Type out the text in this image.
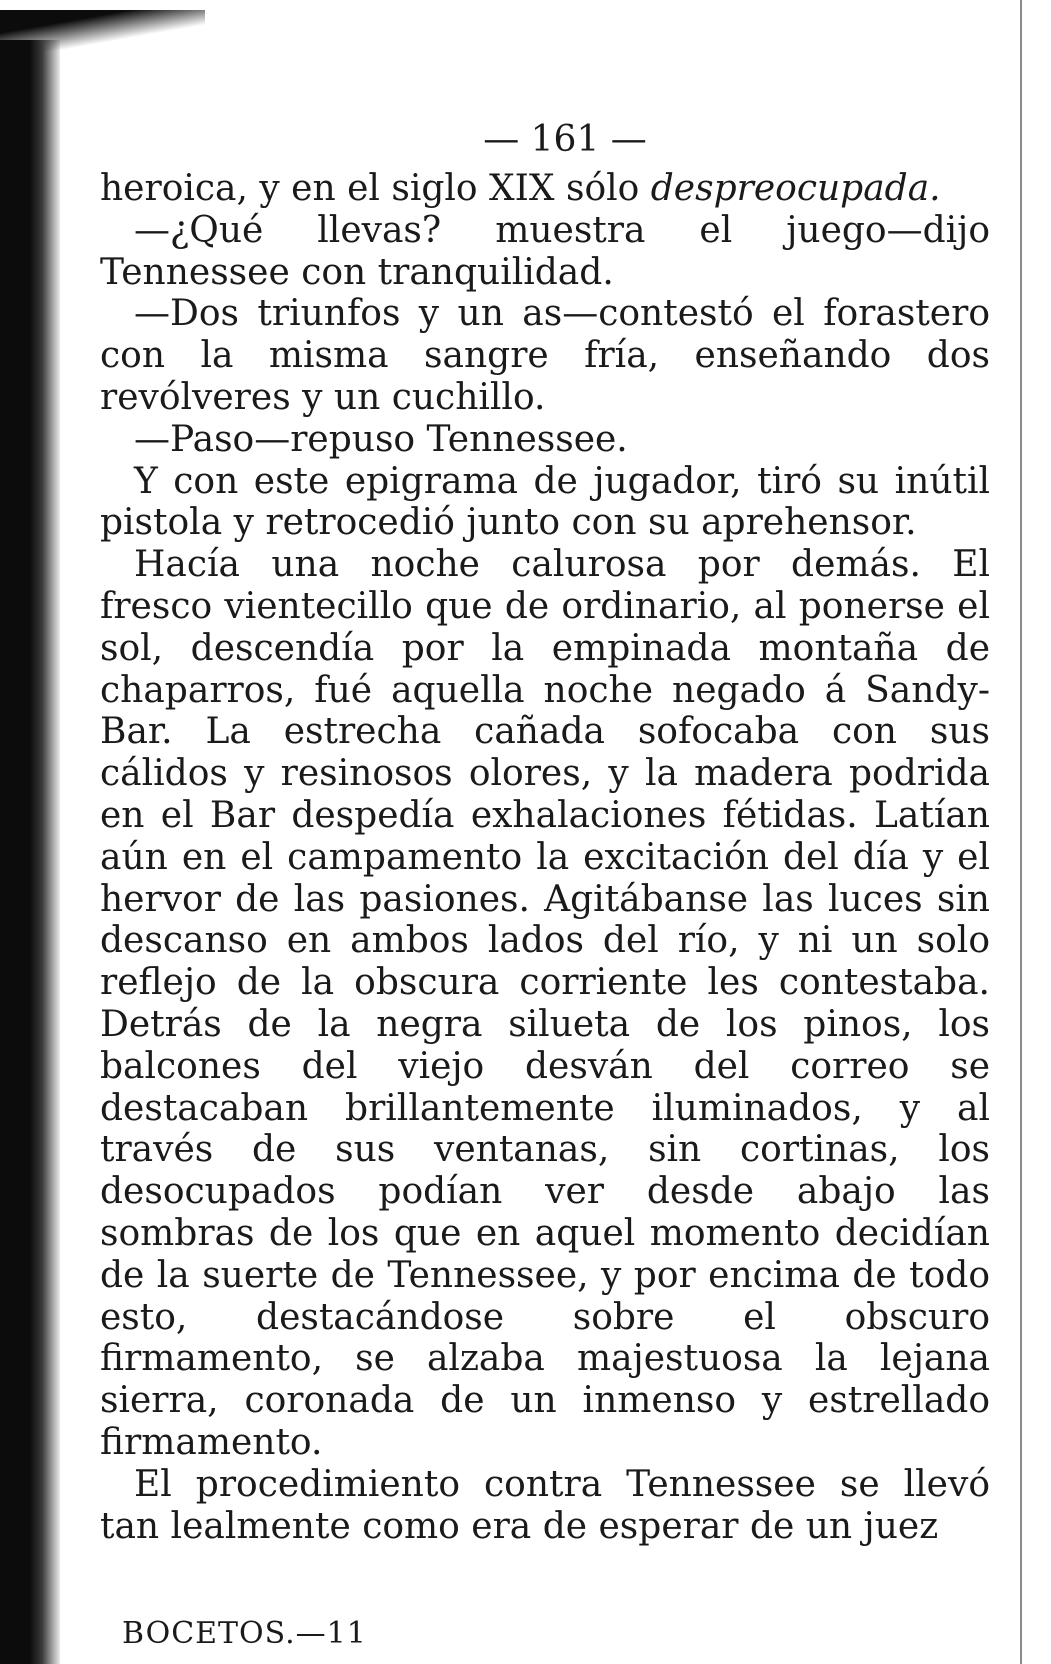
— 161 —

heroica, y en el siglo XIX sólo despreocupada.

—¿Qué llevas? muestra el juego—dijo Tennessee con tranquilidad.

—Dos triunfos y un as—contestó el forastero con la misma sangre fría, enseñando dos revólveres y un cuchillo.

—Paso—repuso Tennessee.

Y con este epigrama de jugador, tiró su inútil pistola y retrocedió junto con su aprehensor.

Hacía una noche calurosa por demás. El fresco vientecillo que de ordinario, al ponerse el sol, descendía por la empinada montaña de chaparros, fué aquella noche negado á Sandy-Bar. La estrecha cañada sofocaba con sus cálidos y resinosos olores, y la madera podrida en el Bar despedía exhalaciones fétidas. Latían aún en el campamento la excitación del día y el hervor de las pasiones. Agitábanse las luces sin descanso en ambos lados del río, y ni un solo reflejo de la obscura corriente les contestaba. Detrás de la negra silueta de los pinos, los balcones del viejo desván del correo se destacaban brillantemente iluminados, y al través de sus ventanas, sin cortinas, los desocupados podían ver desde abajo las sombras de los que en aquel momento decidían de la suerte de Tennessee, y por encima de todo esto, destacándose sobre el obscuro firmamento, se alzaba majestuosa la lejana sierra, coronada de un inmenso y estrellado firmamento.

El procedimiento contra Tennessee se llevó tan lealmente como era de esperar de un juez

BOCETOS.—11
